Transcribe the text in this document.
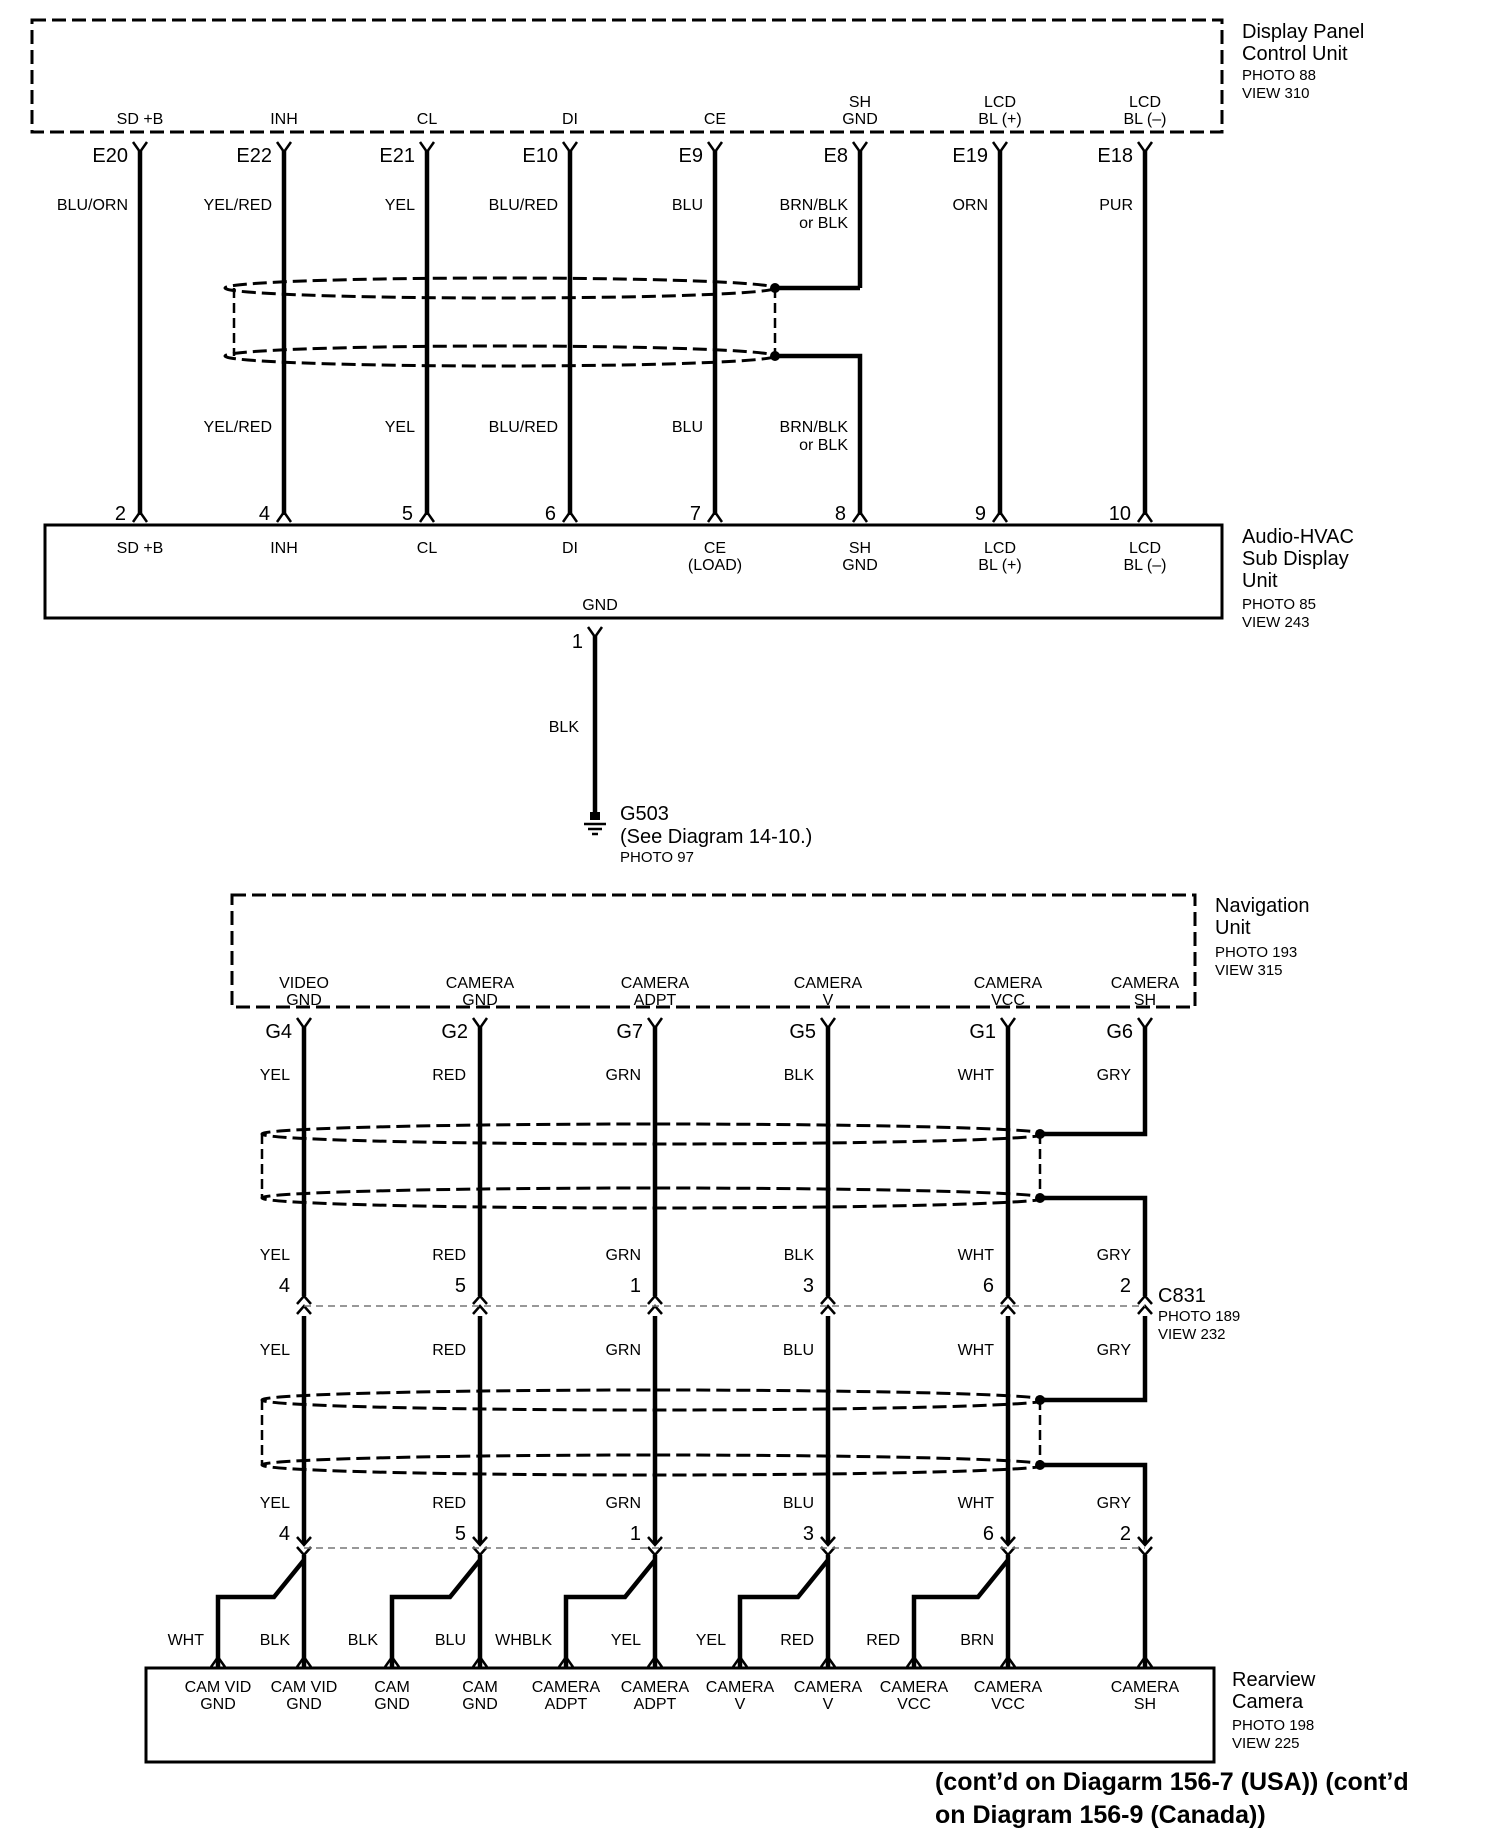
Display Panel
Control Unit
PHOTO 88
VIEW 310
SD +B
E20
INH
E22
CL
E21
DI
E10
CE
E9
SH
GND
E8
LCD
BL (+)
E19
LCD
BL (–)
E18
BLU/ORN	YEL/RED	YEL	BLU/RED	BLU	BRN/BLK
or BLK
ORN	PUR
YEL/RED	YEL	BLU/RED	BLU	BRN/BLK
or BLK
Audio-HVAC
Sub Display
Unit
PHOTO 85
VIEW 243
2
SD +B
4
INH
5
CL
6
DI
7
CE
(LOAD)
8
SH
GND
9
LCD
BL (+)
10
LCD
BL (–)
GND
1
BLK
G503
(See Diagram 14-10.)
PHOTO 97
Navigation
Unit
PHOTO 193
VIEW 315
VIDEO
GND
G4
CAMERA
GND
G2
CAMERA
ADPT
G7
CAMERA
V
G5
CAMERA
VCC
G1
CAMERA
SH
G6
YEL	RED	GRN	BLK	WHT	GRY
YEL	RED	GRN	BLK	WHT	GRY
YEL	RED	GRN	BLU	WHT	GRY
YEL	RED	GRN	BLU	WHT	GRY
4	5	1	3	6	2 C831
PHOTO 189
VIEW 232
4	5	1	3	6	2
WHT	BLK	BLK	BLU WHBLK	YEL	YEL	RED	RED	BRN
CAM VID
GND
CAM VID
GND
CAM
GND
CAM
GND
CAMERA
ADPT
CAMERA
ADPT
CAMERA
V
CAMERA
V
CAMERA
VCC
CAMERA
VCC
CAMERA
SH
Rearview
Camera
PHOTO 198
VIEW 225
(cont’d on Diagarm 156-7 (USA)) (cont’d
on Diagram 156-9 (Canada))
